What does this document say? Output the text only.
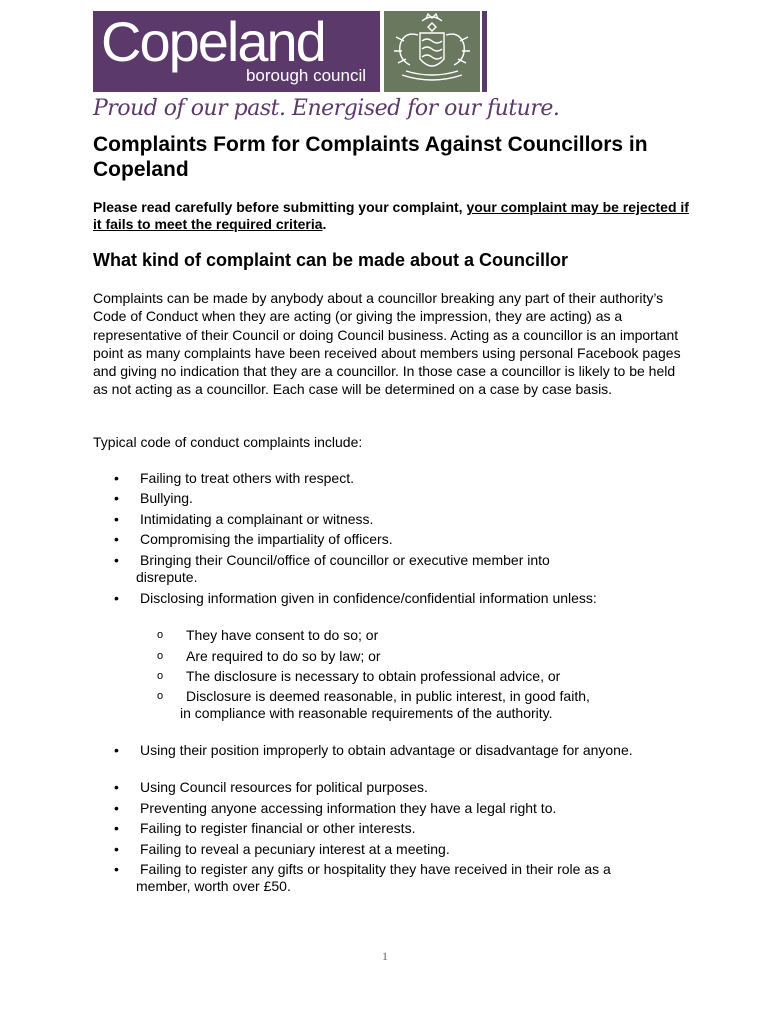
Copeland
borough council
Proud of our past. Energised for our future.
Complaints Form for Complaints Against Councillors in Copeland

Please read carefully before submitting your complaint, your complaint may be rejected if it fails to meet the required criteria.

What kind of complaint can be made about a Councillor

Complaints can be made by anybody about a councillor breaking any part of their authority’s Code of Conduct when they are acting (or giving the impression, they are acting) as a representative of their Council or doing Council business. Acting as a councillor is an important point as many complaints have been received about members using personal Facebook pages and giving no indication that they are a councillor. In those case a councillor is likely to be held as not acting as a councillor. Each case will be determined on a case by case basis.

Typical code of conduct complaints include:

• Failing to treat others with respect.
• Bullying.
• Intimidating a complainant or witness.
• Compromising the impartiality of officers.
• Bringing their Council/office of councillor or executive member into disrepute.
• Disclosing information given in confidence/confidential information unless:
o	They have consent to do so; or
o	Are required to do so by law; or
o	The disclosure is necessary to obtain professional advice, or
o	Disclosure is deemed reasonable, in public interest, in good faith, in compliance with reasonable requirements of the authority.
• Using their position improperly to obtain advantage or disadvantage for anyone.
• Using Council resources for political purposes.
• Preventing anyone accessing information they have a legal right to.
• Failing to register financial or other interests.
• Failing to reveal a pecuniary interest at a meeting.
• Failing to register any gifts or hospitality they have received in their role as a member, worth over £50.
1
